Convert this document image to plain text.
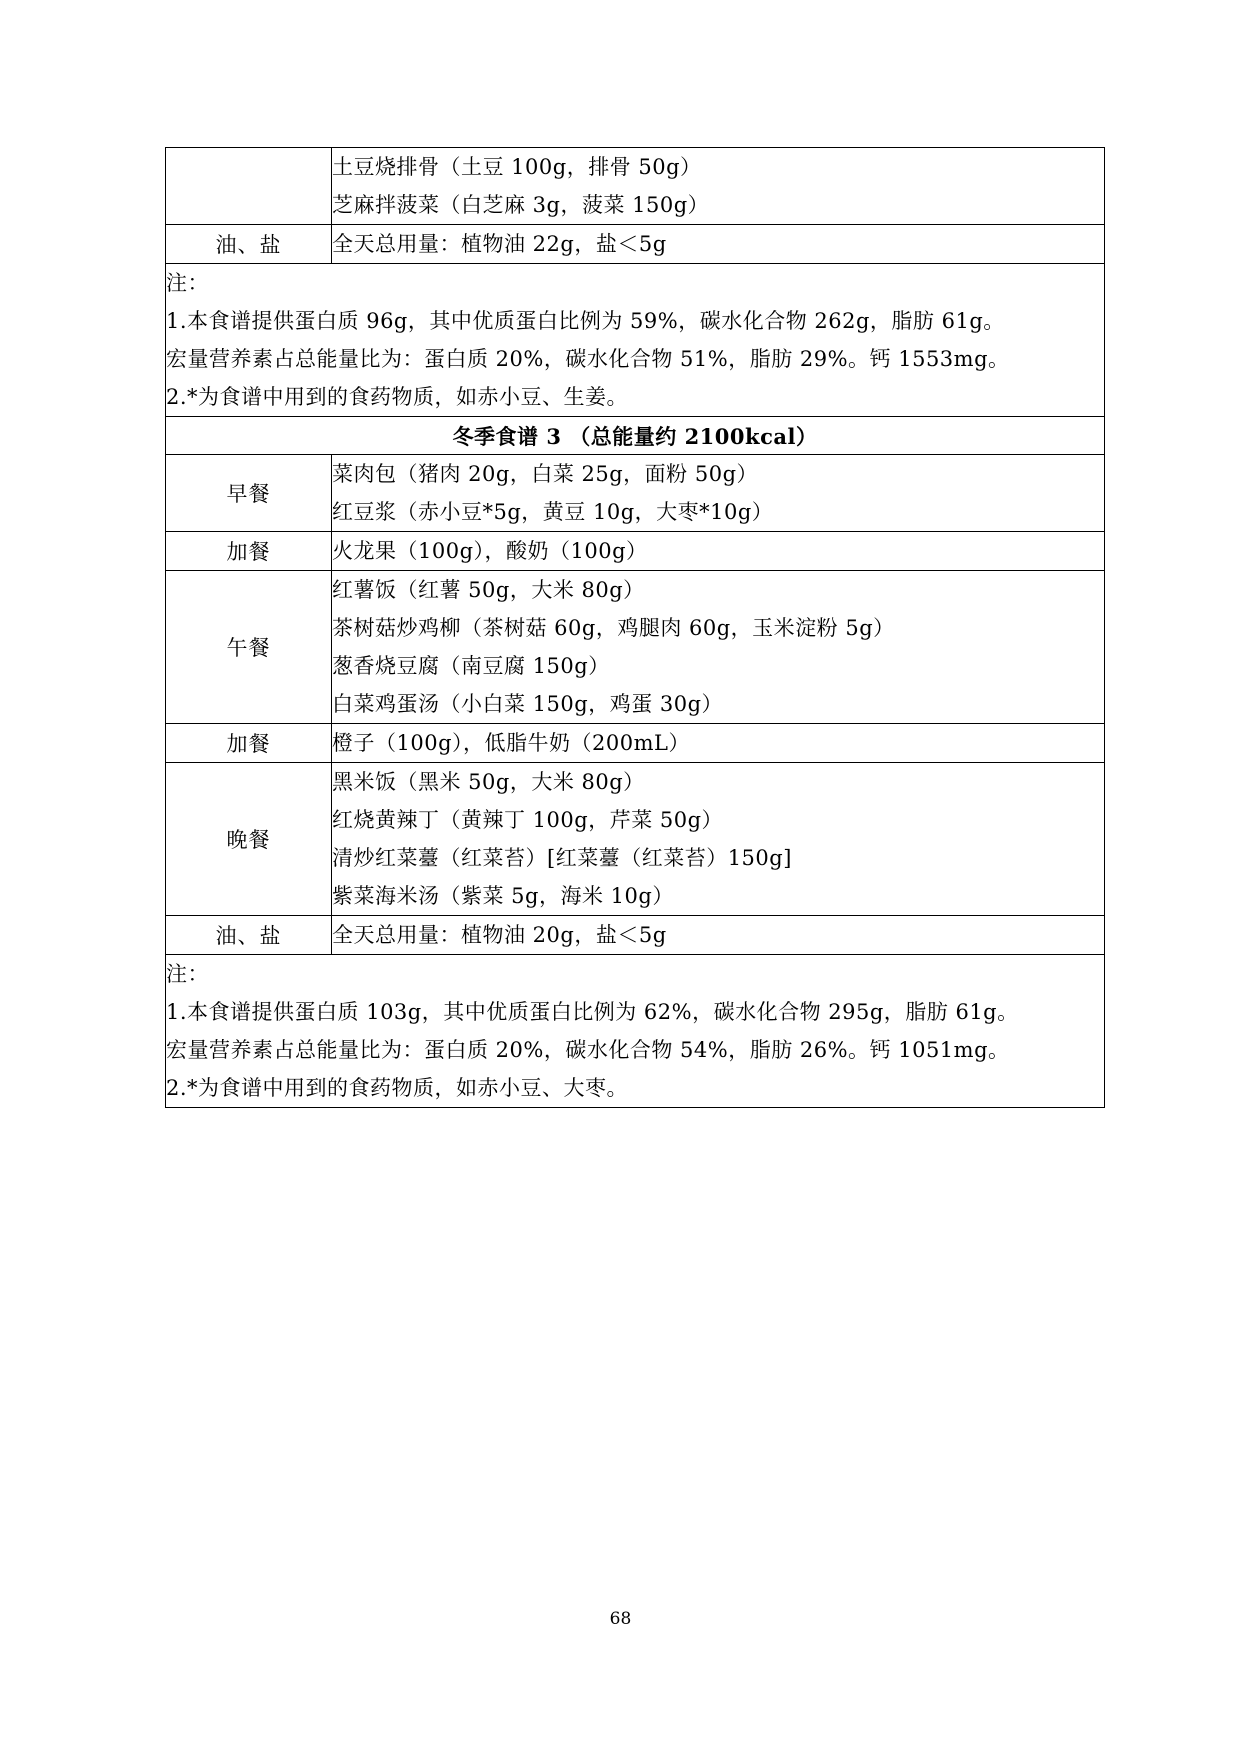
	土豆烧排骨（土豆 100g，排骨 50g）
芝麻拌菠菜（白芝麻 3g，菠菜 150g）

油、盐	全天总用量：植物油 22g，盐＜5g

注：
1.本食谱提供蛋白质 96g，其中优质蛋白比例为 59%，碳水化合物 262g，脂肪 61g。
宏量营养素占总能量比为：蛋白质 20%，碳水化合物 51%，脂肪 29%。钙 1553mg。
2.*为食谱中用到的食药物质，如赤小豆、生姜。	

冬季食谱 3 （总能量约 2100kcal）	
早餐	菜肉包（猪肉 20g，白菜 25g，面粉 50g）
红豆浆（赤小豆*5g，黄豆 10g，大枣*10g）

加餐	火龙果（100g），酸奶（100g）

午餐	红薯饭（红薯 50g，大米 80g）
茶树菇炒鸡柳（茶树菇 60g，鸡腿肉 60g，玉米淀粉 5g）
葱香烧豆腐（南豆腐 150g）
白菜鸡蛋汤（小白菜 150g，鸡蛋 30g）

加餐	橙子（100g），低脂牛奶（200mL）

晚餐	黑米饭（黑米 50g，大米 80g）
红烧黄辣丁（黄辣丁 100g，芹菜 50g）
清炒红菜薹（红菜苔）[红菜薹（红菜苔）150g]
紫菜海米汤（紫菜 5g，海米 10g）

油、盐	全天总用量：植物油 20g，盐＜5g

注：
1.本食谱提供蛋白质 103g，其中优质蛋白比例为 62%，碳水化合物 295g，脂肪 61g。
宏量营养素占总能量比为：蛋白质 20%，碳水化合物 54%，脂肪 26%。钙 1051mg。
2.*为食谱中用到的食药物质，如赤小豆、大枣。	
68
